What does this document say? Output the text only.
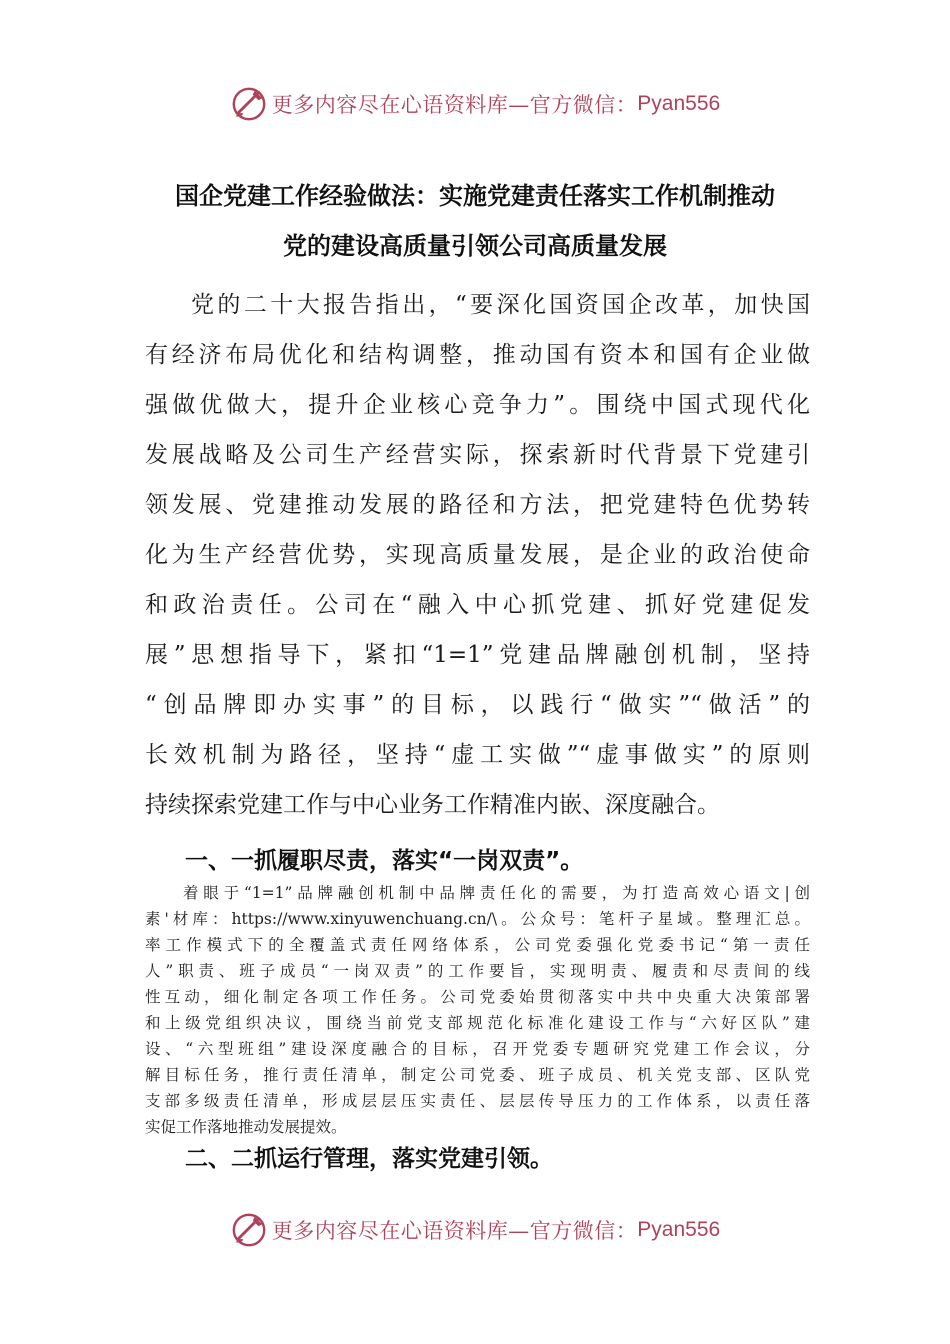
更多内容尽在心语资料库—官方微信： Pyan556
国企党建工作经验做法：实施党建责任落实工作机制推动
党的建设高质量引领公司高质量发展
党的二十大报告指出，“要深化国资国企改革，加快国
有经济布局优化和结构调整，推动国有资本和国有企业做
强做优做大，提升企业核心竞争力”。围绕中国式现代化
发展战略及公司生产经营实际，探索新时代背景下党建引
领发展、党建推动发展的路径和方法，把党建特色优势转
化为生产经营优势，实现高质量发展，是企业的政治使命
和政治责任。公司在“融入中心抓党建、抓好党建促发
展”思想指导下，紧扣“1=1”党建品牌融创机制，坚持
“创品牌即办实事”的目标，以践行“做实”“做活”的
长效机制为路径，坚持“虚工实做”“虚事做实”的原则
持续探索党建工作与中心业务工作精准内嵌、深度融合。
一、一抓履职尽责，落实“一岗双责”。
着眼于“1=1”品牌融创机制中品牌责任化的需要，为打造高效心语文|创
素'材库：https://www.xinyuwenchuang.cn/\。公众号：笔杆子星域。整理汇总。
率工作模式下的全覆盖式责任网络体系，公司党委强化党委书记“第一责任
人”职责、班子成员“一岗双责”的工作要旨，实现明责、履责和尽责间的线
性互动，细化制定各项工作任务。公司党委始贯彻落实中共中央重大决策部署
和上级党组织决议，围绕当前党支部规范化标准化建设工作与“六好区队”建
设、“六型班组”建设深度融合的目标，召开党委专题研究党建工作会议，分
解目标任务，推行责任清单，制定公司党委、班子成员、机关党支部、区队党
支部多级责任清单，形成层层压实责任、层层传导压力的工作体系，以责任落
实促工作落地推动发展提效。
二、二抓运行管理，落实党建引领。
更多内容尽在心语资料库—官方微信： Pyan556
